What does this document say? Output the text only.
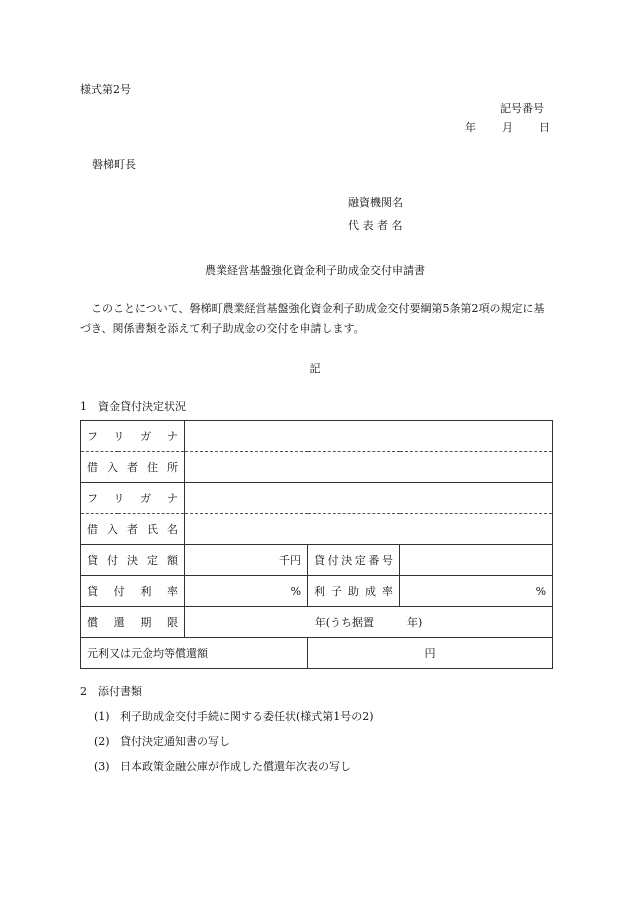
様式第2号
記号番号
年 月 日
磐梯町長
融資機関名
代 表 者 名
農業経営基盤強化資金利子助成金交付申請書
このことについて、磐梯町農業経営基盤強化資金利子助成金交付要綱第5条第2項の規定に基づき、関係書類を添えて利子助成金の交付を申請します。
記
1　資金貸付決定状況
フリガナ			

借入者住所			

フリガナ			

借入者氏名			

貸付決定額	千円	貸付決定番号	

貸付利率	%	利子助成率	%

償還期限	年(うち据置　　　年)		
元利又は元金均等償還額		円	
2　添付書類
(1) 利子助成金交付手続に関する委任状(様式第1号の2)
(2) 貸付決定通知書の写し
(3) 日本政策金融公庫が作成した償還年次表の写し
